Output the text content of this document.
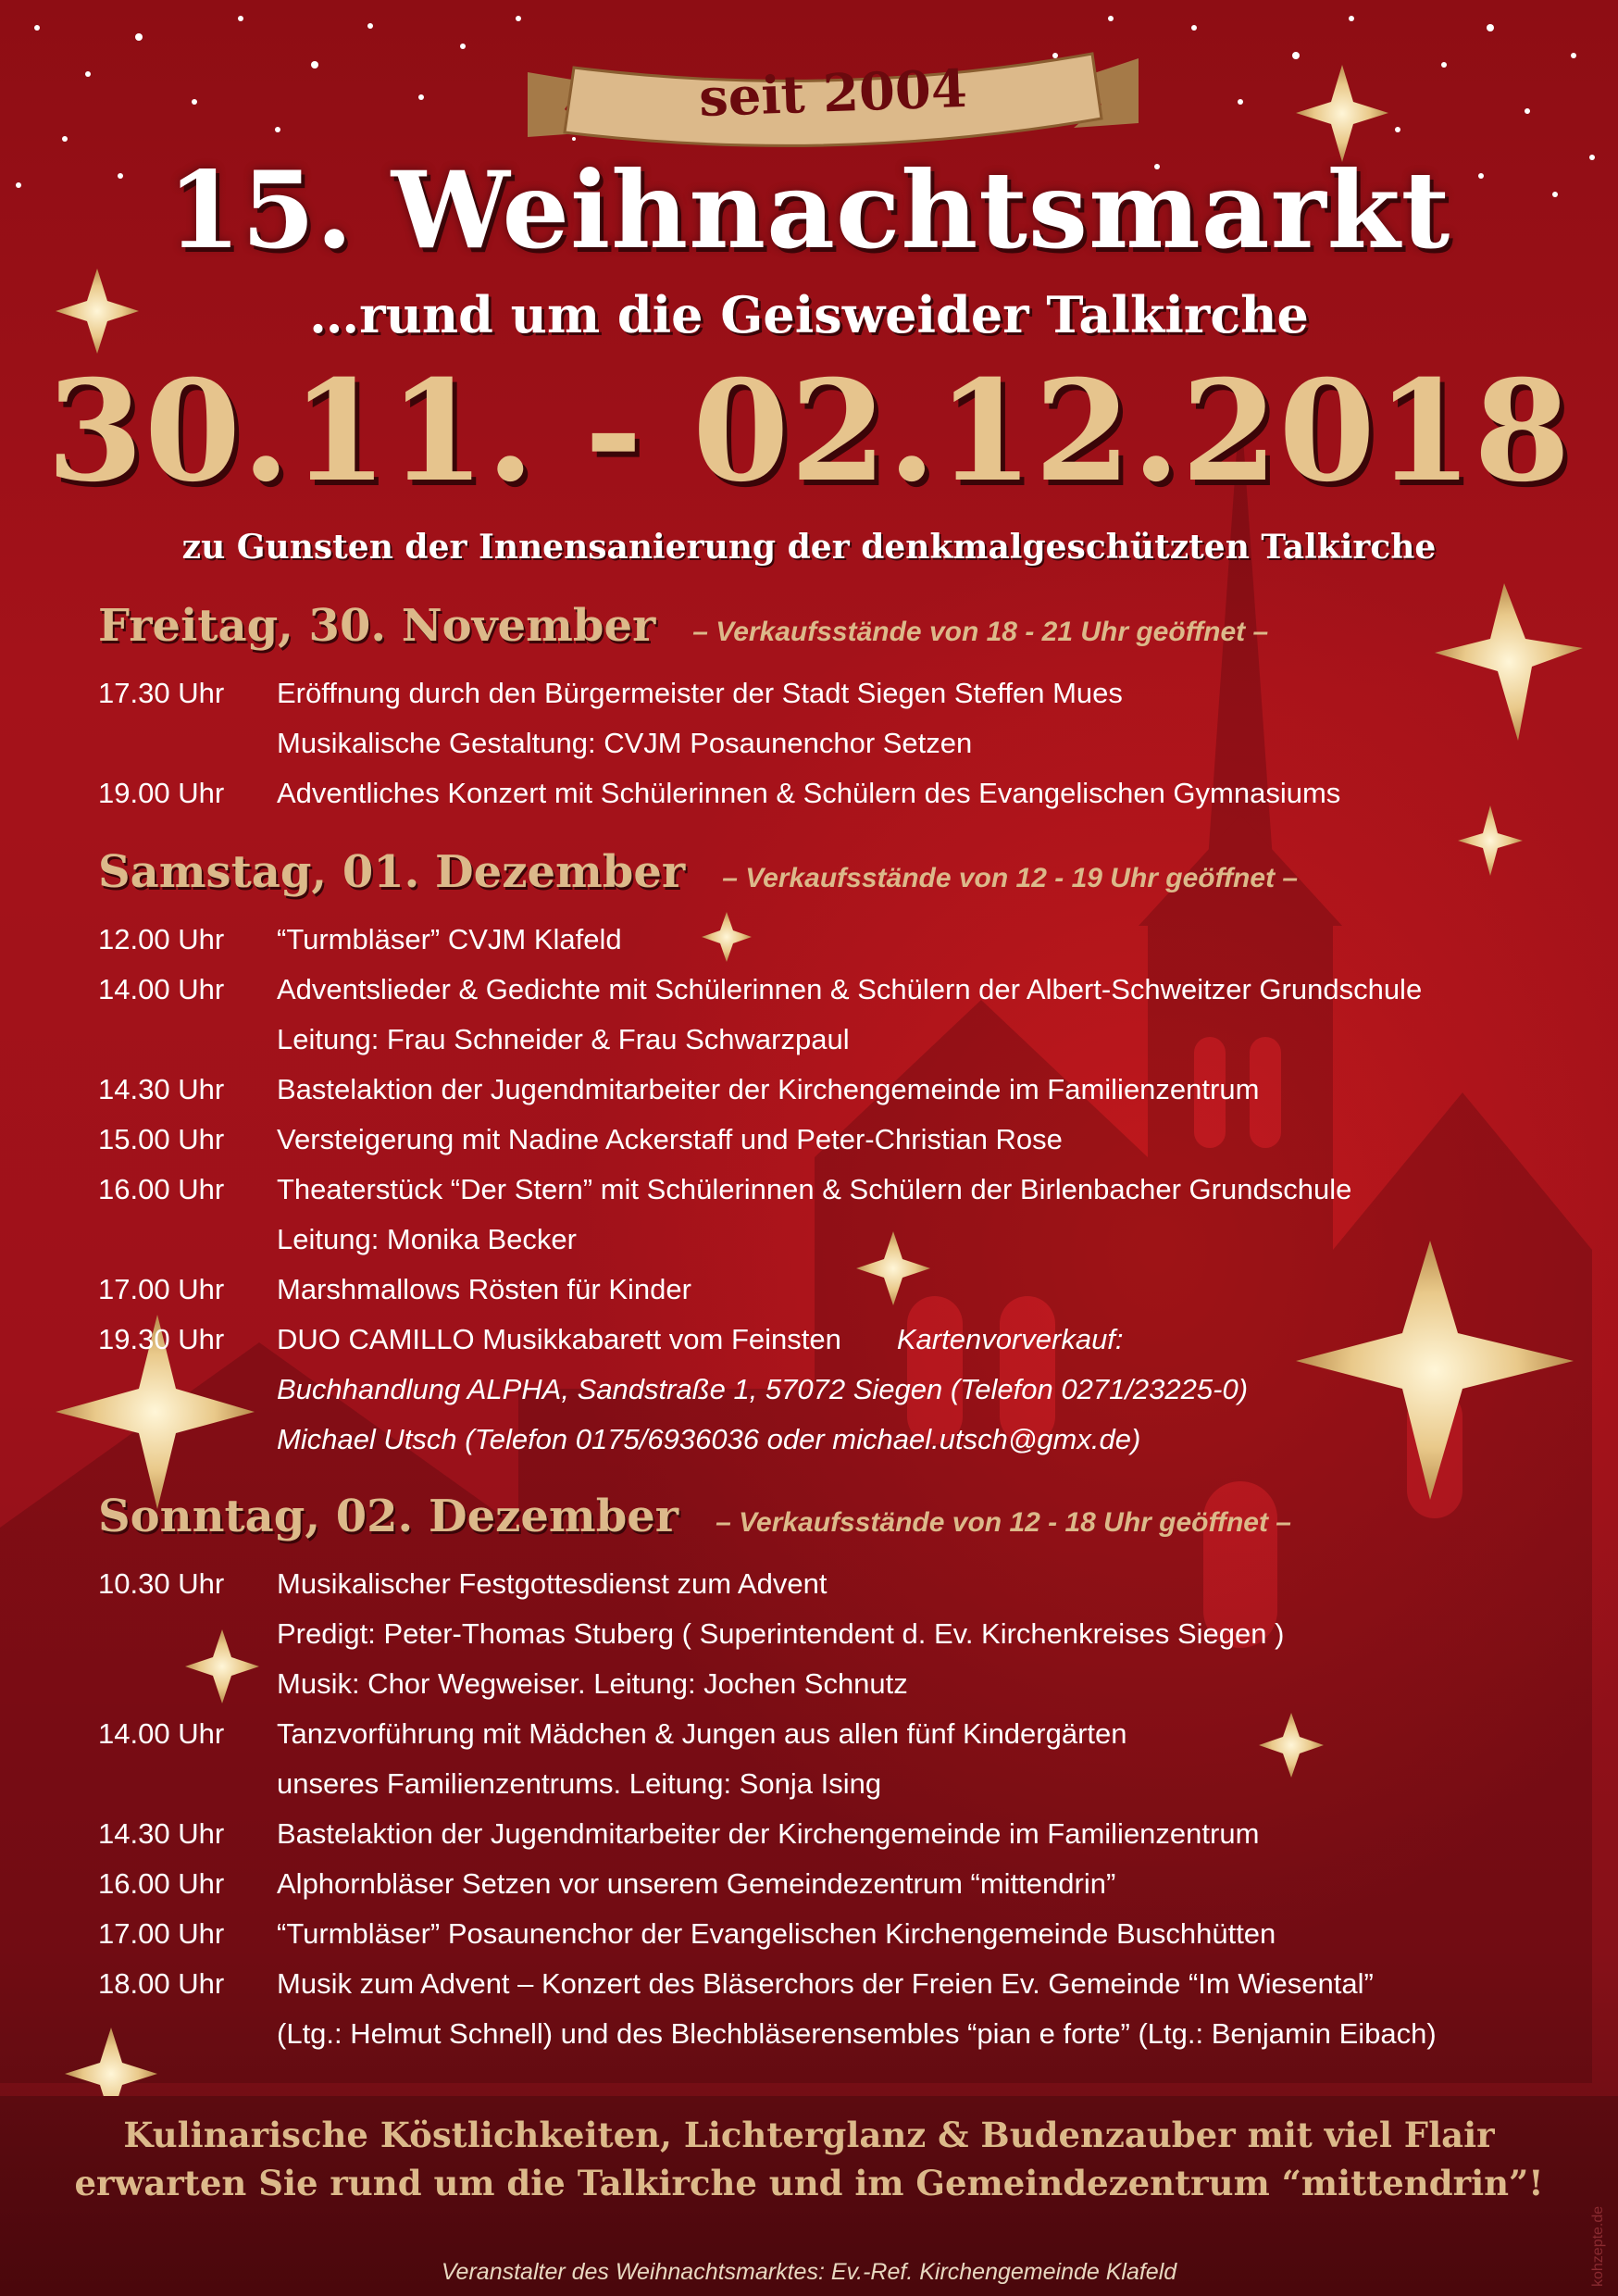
seit 2004
15. Weihnachtsmarkt
…rund um die Geisweider Talkirche
30.11. - 02.12.2018
zu Gunsten der Innensanierung der denkmalgeschützten Talkirche
Freitag, 30. November – Verkaufsstände von 18 - 21 Uhr geöffnet –
17.30 Uhr	Eröffnung durch den Bürgermeister der Stadt Siegen Steffen Mues
Musikalische Gestaltung: CVJM Posaunenchor Setzen
19.00 Uhr	Adventliches Konzert mit Schülerinnen & Schülern des Evangelischen Gymnasiums
Samstag, 01. Dezember – Verkaufsstände von 12 - 19 Uhr geöffnet –
12.00 Uhr	“Turmbläser” CVJM Klafeld
14.00 Uhr	Adventslieder & Gedichte mit Schülerinnen & Schülern der Albert-Schweitzer Grundschule
Leitung: Frau Schneider & Frau Schwarzpaul
14.30 Uhr	Bastelaktion der Jugendmitarbeiter der Kirchengemeinde im Familienzentrum
15.00 Uhr	Versteigerung mit Nadine Ackerstaff und Peter-Christian Rose
16.00 Uhr	Theaterstück “Der Stern” mit Schülerinnen & Schülern der Birlenbacher Grundschule
Leitung: Monika Becker
17.00 Uhr	Marshmallows Rösten für Kinder
19.30 Uhr	DUO CAMILLO Musikkabarett vom Feinsten Kartenvorverkauf:
Buchhandlung ALPHA, Sandstraße 1, 57072 Siegen (Telefon 0271/23225-0)
Michael Utsch (Telefon 0175/6936036 oder michael.utsch@gmx.de)
Sonntag, 02. Dezember – Verkaufsstände von 12 - 18 Uhr geöffnet –
10.30 Uhr	Musikalischer Festgottesdienst zum Advent
Predigt: Peter-Thomas Stuberg ( Superintendent d. Ev. Kirchenkreises Siegen )
Musik: Chor Wegweiser. Leitung: Jochen Schnutz
14.00 Uhr	Tanzvorführung mit Mädchen & Jungen aus allen fünf Kindergärten
unseres Familienzentrums. Leitung: Sonja Ising
14.30 Uhr	Bastelaktion der Jugendmitarbeiter der Kirchengemeinde im Familienzentrum
16.00 Uhr	Alphornbläser Setzen vor unserem Gemeindezentrum “mittendrin”
17.00 Uhr	“Turmbläser” Posaunenchor der Evangelischen Kirchengemeinde Buschhütten
18.00 Uhr	Musik zum Advent – Konzert des Bläserchors der Freien Ev. Gemeinde “Im Wiesental”
(Ltg.: Helmut Schnell) und des Blechbläserensembles “pian e forte” (Ltg.: Benjamin Eibach)
Kulinarische Köstlichkeiten, Lichterglanz & Budenzauber mit viel Flair
erwarten Sie rund um die Talkirche und im Gemeindezentrum “mittendrin”!
Veranstalter des Weihnachtsmarktes: Ev.-Ref. Kirchengemeinde Klafeld	kohzepte.de
